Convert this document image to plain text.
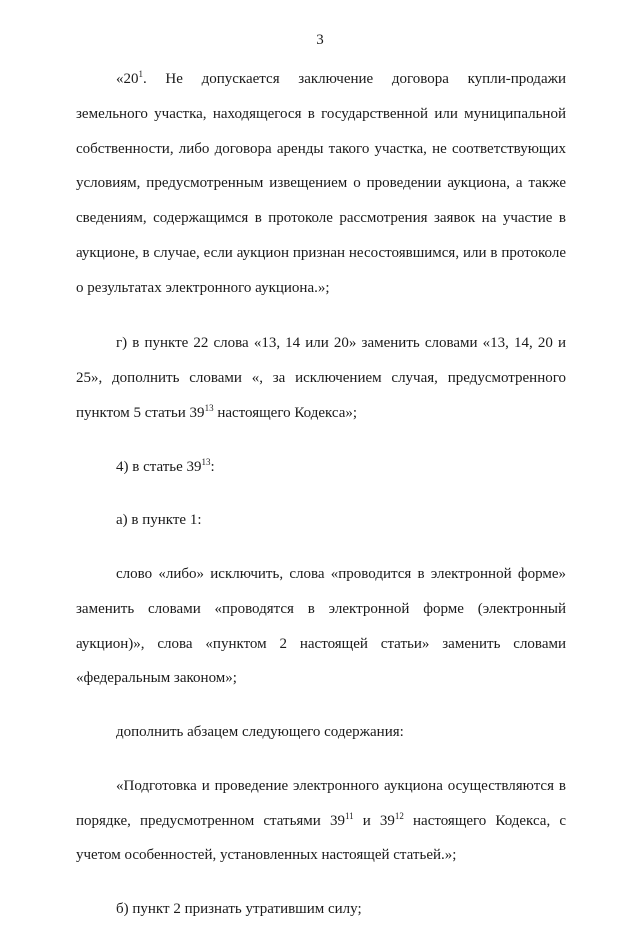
3

«$20^1$. Не допускается заключение договора купли-продажи земельного участка, находящегося в государственной или муниципальной собственности, либо договора аренды такого участка, не соответствующих условиям, предусмотренным извещением о проведении аукциона, а также сведениям, содержащимся в протоколе рассмотрения заявок на участие в аукционе, в случае, если аукцион признан несостоявшимся, или в протоколе о результатах электронного аукциона.»;

г) в пункте 22 слова «13, 14 или 20» заменить словами «13, 14, 20 и 25», дополнить словами «, за исключением случая, предусмотренного пунктом 5 статьи $39^{13}$ настоящего Кодекса»;

4) в статье $39^{13}$:

а) в пункте 1:

слово «либо» исключить, слова «проводится в электронной форме» заменить словами «проводятся в электронной форме (электронный аукцион)», слова «пунктом 2 настоящей статьи» заменить словами «федеральным законом»;

дополнить абзацем следующего содержания:

«Подготовка и проведение электронного аукциона осуществляются в порядке, предусмотренном статьями $39^{11}$ и $39^{12}$ настоящего Кодекса, с учетом особенностей, установленных настоящей статьей.»;

б) пункт 2 признать утратившим силу;
